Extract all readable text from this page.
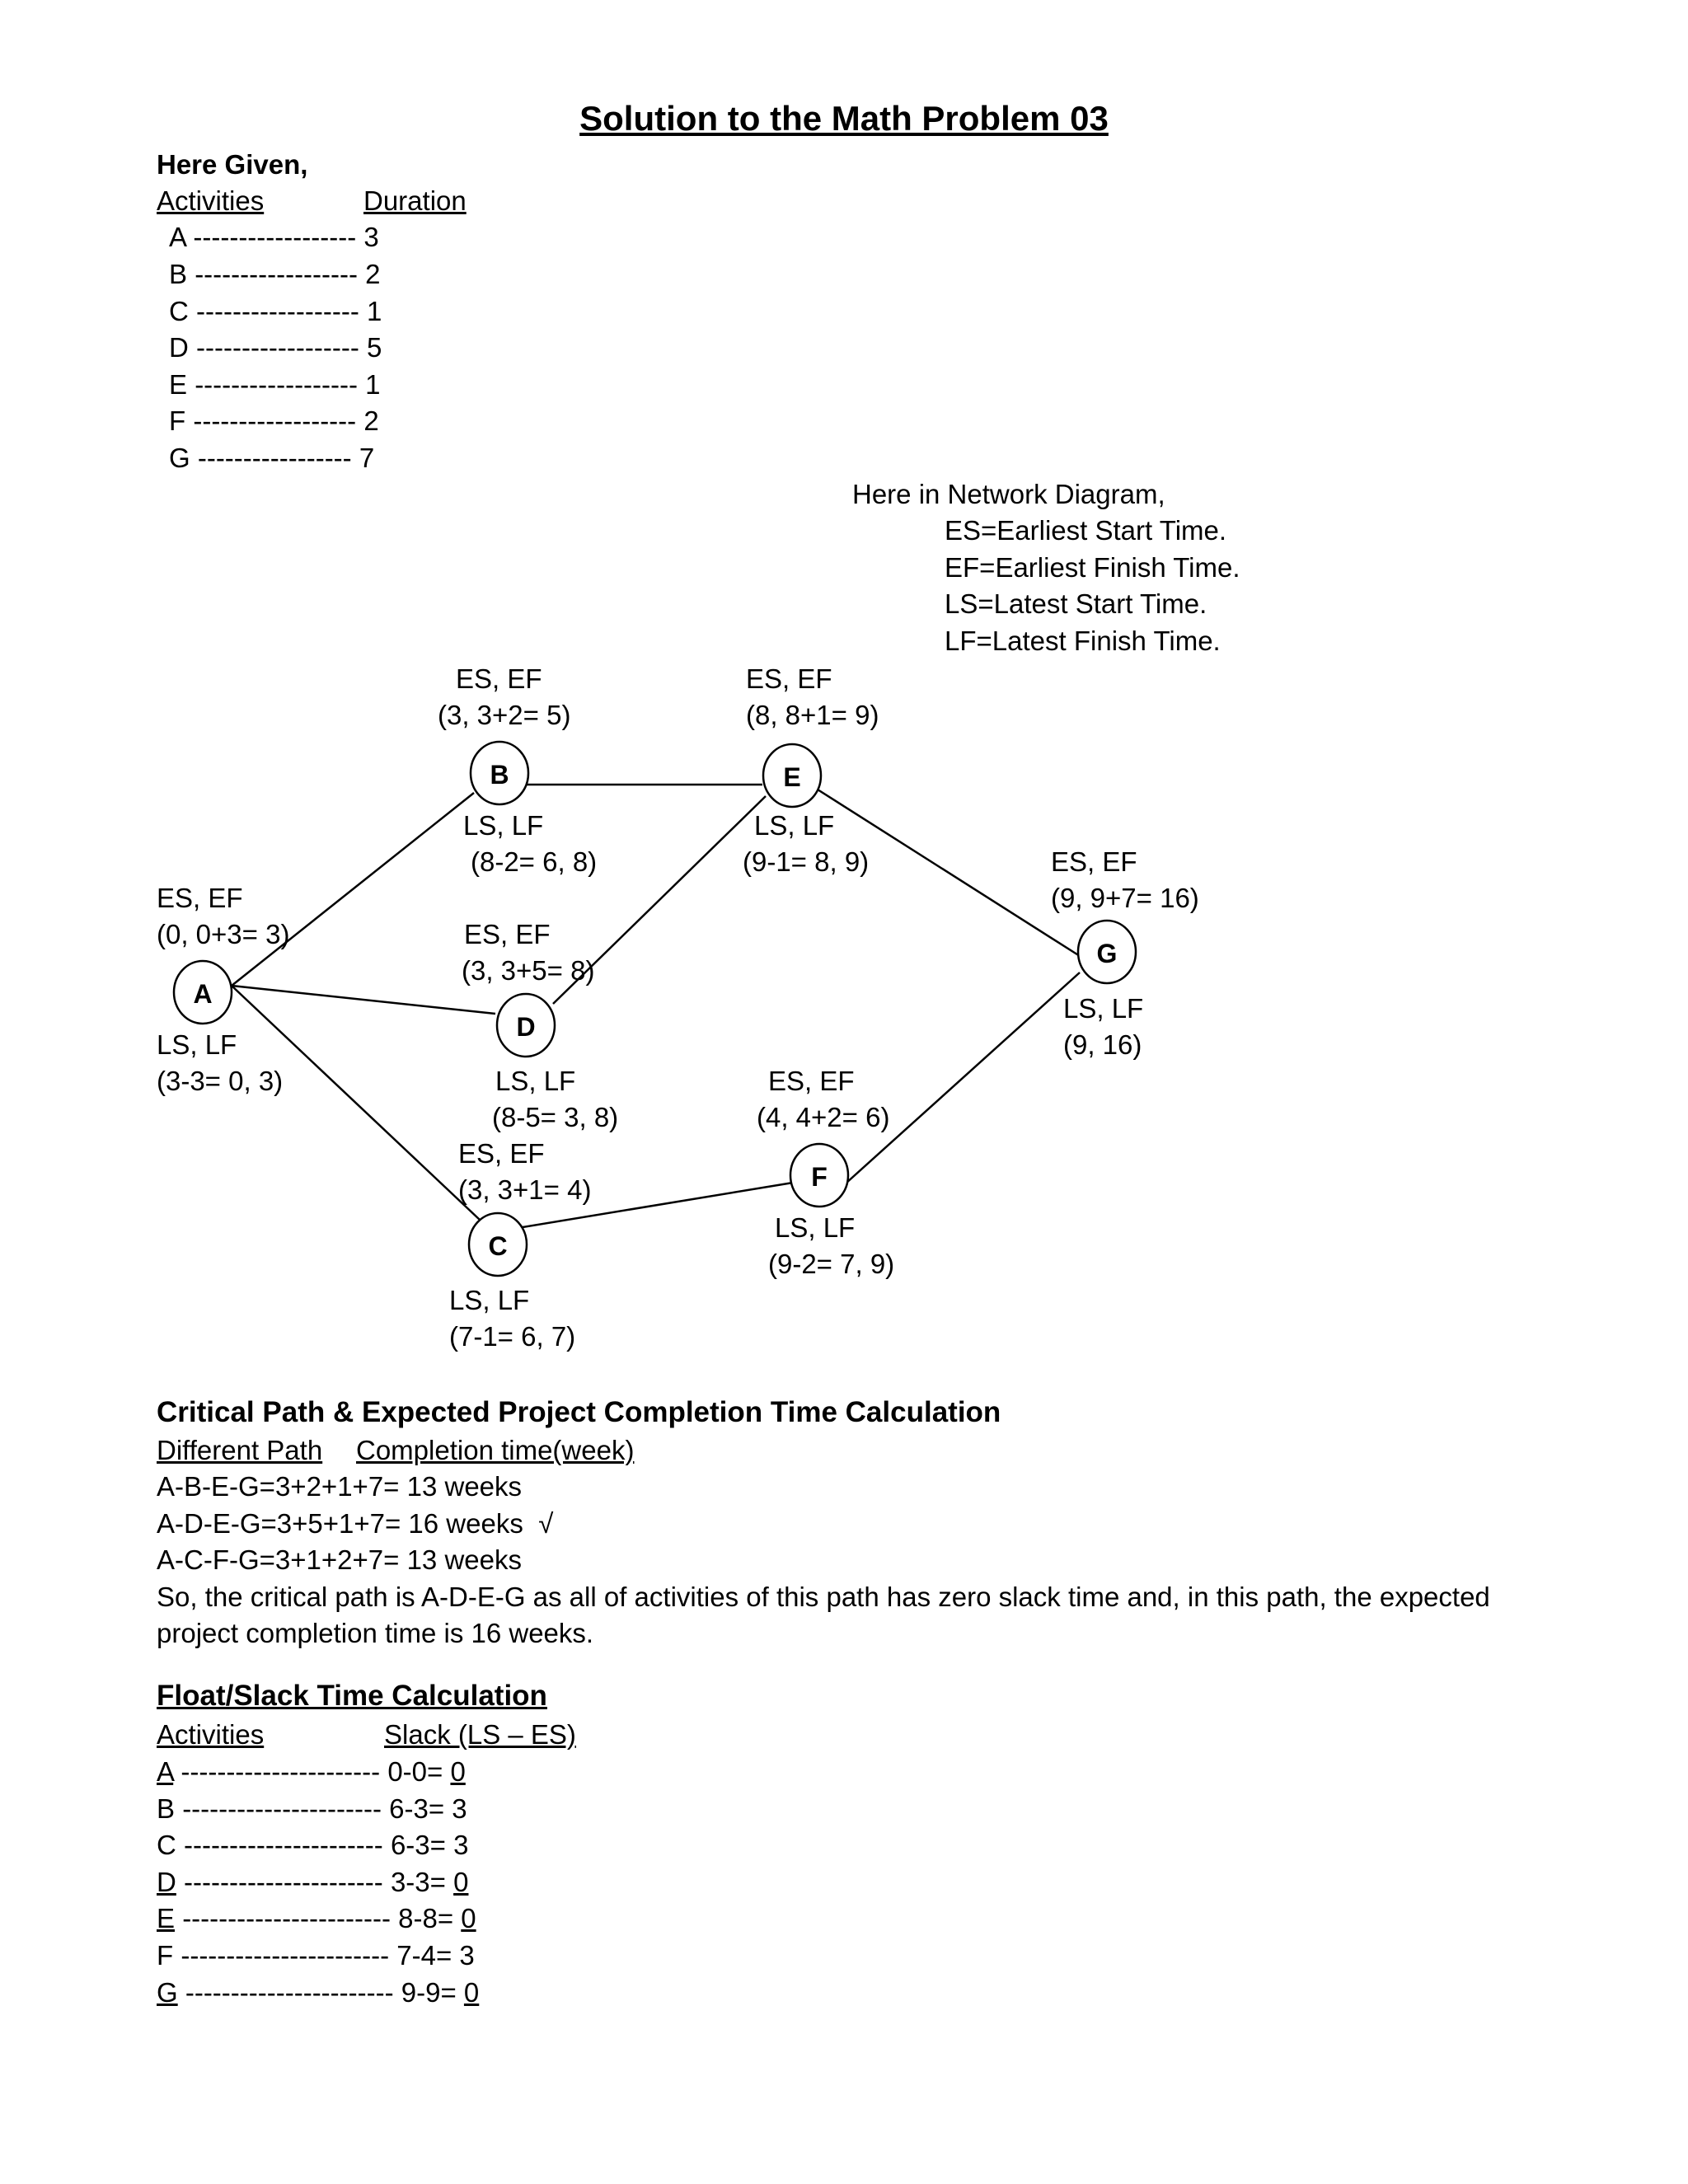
Solution to the Math Problem 03
Here Given,
Activities	Duration
A ------------------ 3
B ------------------ 2
C ------------------ 1
D ------------------ 5
E ------------------ 1
F ------------------ 2
G ----------------- 7
Here in Network Diagram,
ES=Earliest Start Time.
EF=Earliest Finish Time.
LS=Latest Start Time.
LF=Latest Finish Time.
A
B
D
E
C
F
G
ES, EF
(0, 0+3= 3)
LS, LF
(3-3= 0, 3)
ES, EF
(3, 3+2= 5)
LS, LF
(8-2= 6, 8)
ES, EF
(3, 3+5= 8)
LS, LF
(8-5= 3, 8)
ES, EF
(8, 8+1= 9)
LS, LF
(9-1= 8, 9)
ES, EF
(3, 3+1= 4)
LS, LF
(7-1= 6, 7)
ES, EF
(4, 4+2= 6)
LS, LF
(9-2= 7, 9)
ES, EF
(9, 9+7= 16)
LS, LF
(9, 16)
Critical Path & Expected Project Completion Time Calculation
Different Path Completion time(week)
A-B-E-G=3+2+1+7= 13 weeks
A-D-E-G=3+5+1+7= 16 weeks √
A-C-F-G=3+1+2+7= 13 weeks
So, the critical path is A-D-E-G as all of activities of this path has zero slack time and, in this path, the expected
project completion time is 16 weeks.
Float/Slack Time Calculation
Activities	Slack (LS – ES)
A ---------------------- 0-0= 0
B ---------------------- 6-3= 3
C ---------------------- 6-3= 3
D ---------------------- 3-3= 0
E ----------------------- 8-8= 0
F ----------------------- 7-4= 3
G ----------------------- 9-9= 0
